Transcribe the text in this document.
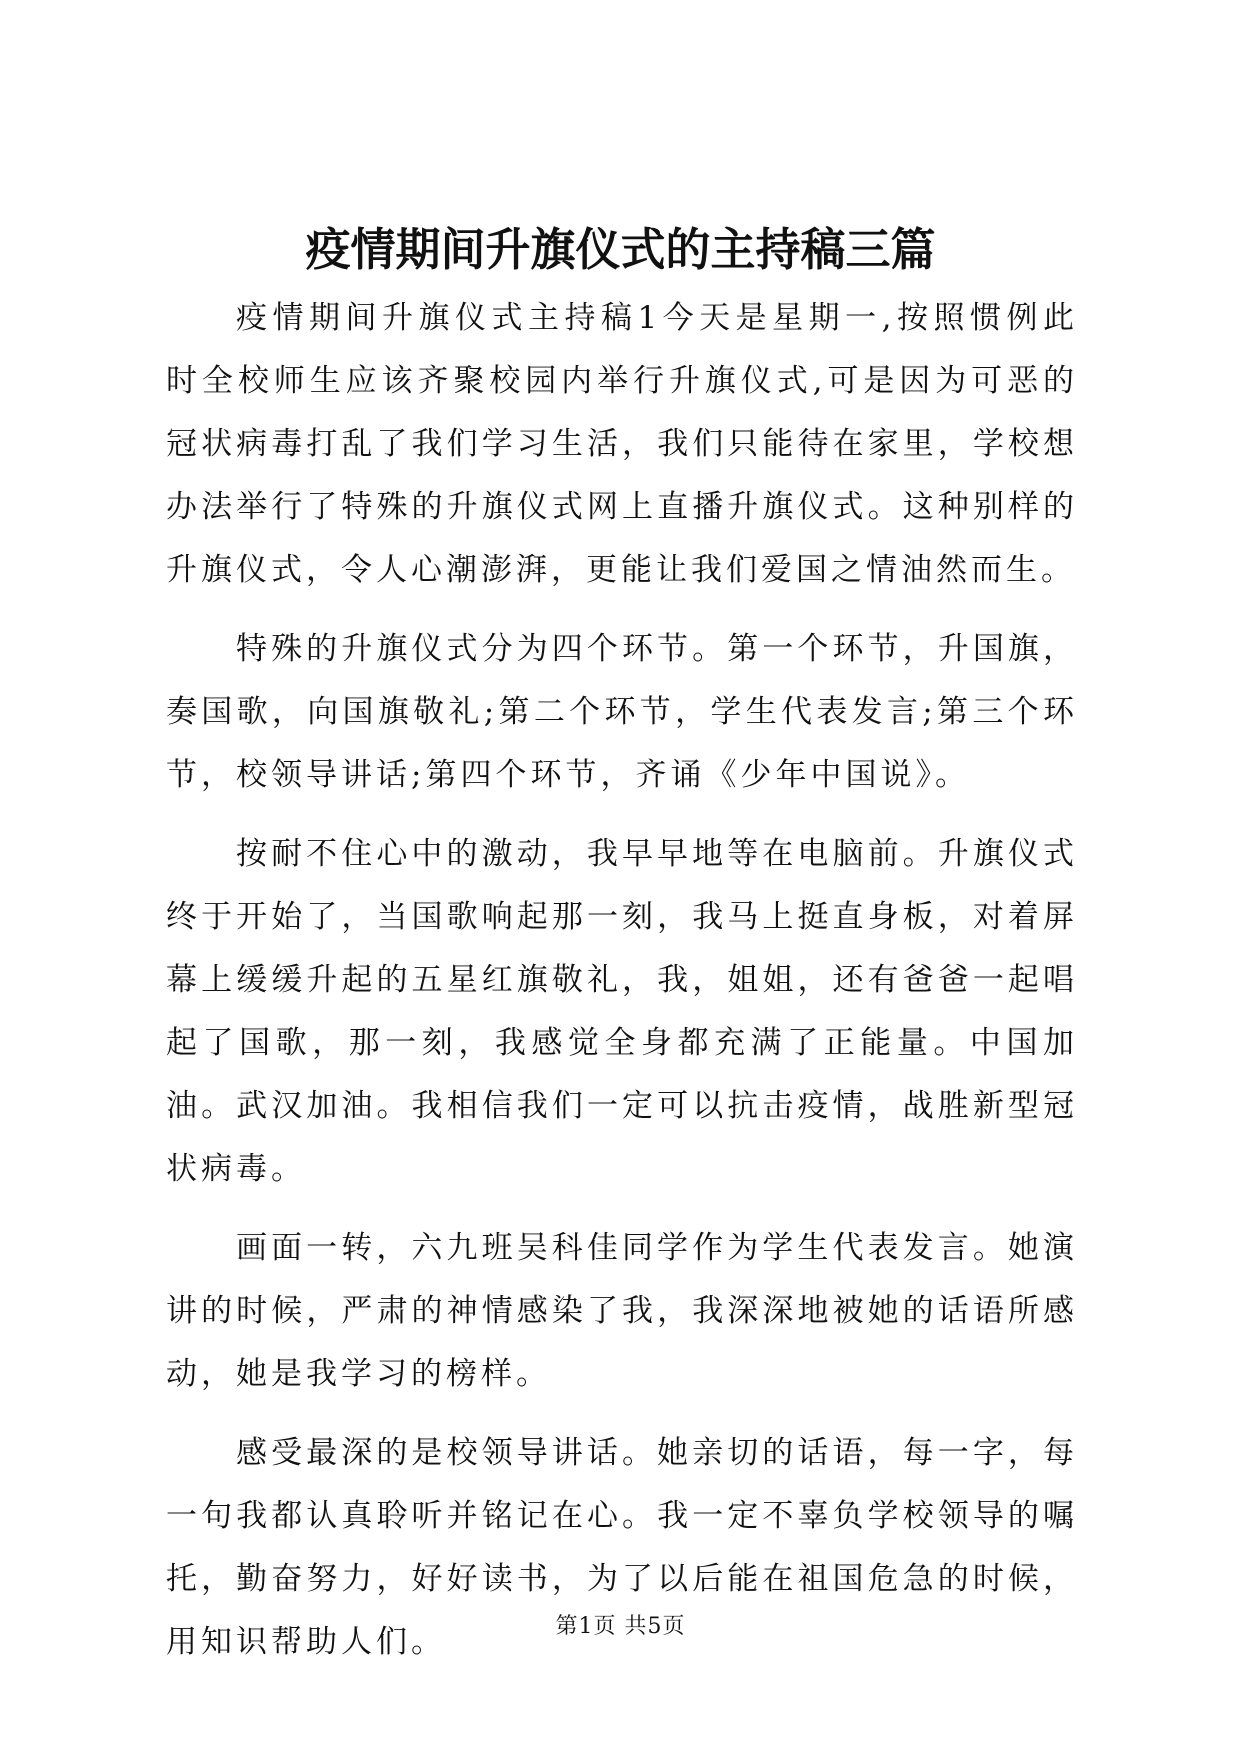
疫情期间升旗仪式的主持稿三篇

疫情期间升旗仪式主持稿1今天是星期一,按照惯例此时全校师生应该齐聚校园内举行升旗仪式,可是因为可恶的冠状病毒打乱了我们学习生活，我们只能待在家里，学校想办法举行了特殊的升旗仪式网上直播升旗仪式。这种别样的升旗仪式，令人心潮澎湃，更能让我们爱国之情油然而生。

特殊的升旗仪式分为四个环节。第一个环节，升国旗，奏国歌，向国旗敬礼;第二个环节，学生代表发言;第三个环节，校领导讲话;第四个环节，齐诵《少年中国说》。

按耐不住心中的激动，我早早地等在电脑前。升旗仪式终于开始了，当国歌响起那一刻，我马上挺直身板，对着屏幕上缓缓升起的五星红旗敬礼，我，姐姐，还有爸爸一起唱起了国歌，那一刻，我感觉全身都充满了正能量。中国加油。武汉加油。我相信我们一定可以抗击疫情，战胜新型冠状病毒。

画面一转，六九班吴科佳同学作为学生代表发言。她演讲的时候，严肃的神情感染了我，我深深地被她的话语所感动，她是我学习的榜样。

感受最深的是校领导讲话。她亲切的话语，每一字，每一句我都认真聆听并铭记在心。我一定不辜负学校领导的嘱托，勤奋努力，好好读书，为了以后能在祖国危急的时候，用知识帮助人们。	第1页 共5页
